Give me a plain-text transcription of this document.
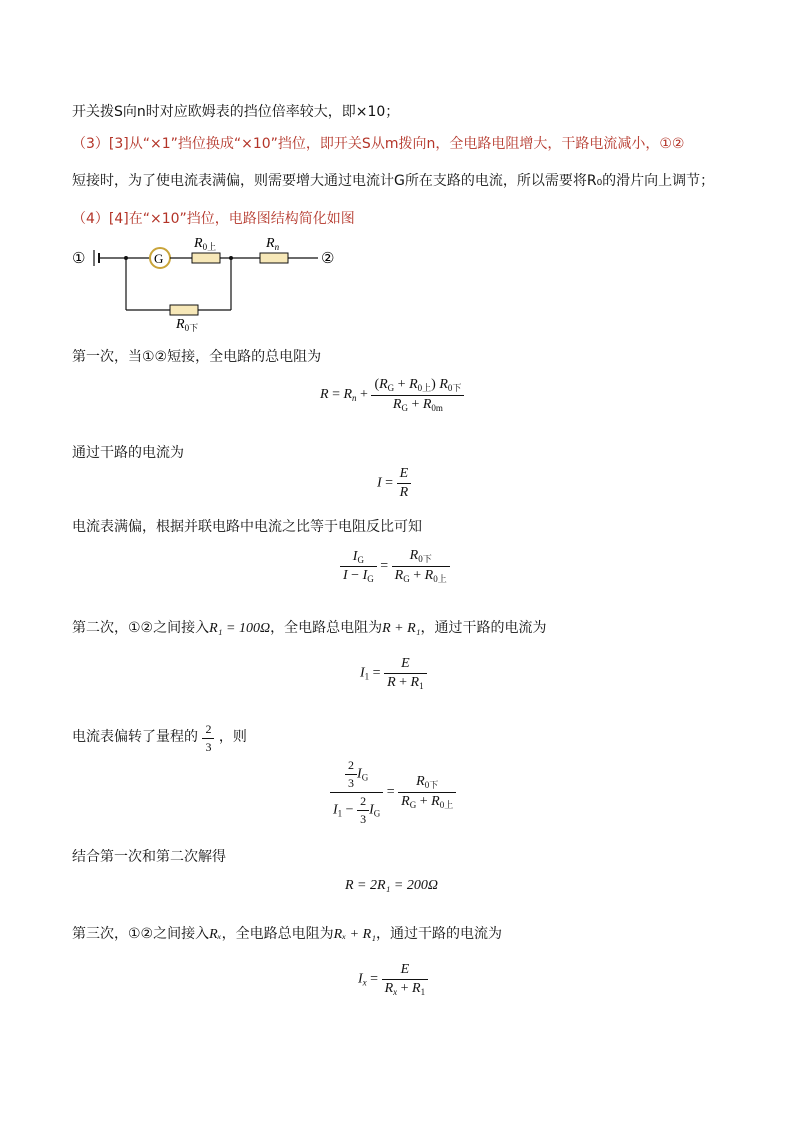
开关拨S向n时对应欧姆表的挡位倍率较大，即×10；
（3）[3]从“×1”挡位换成“×10”挡位，即开关S从m拨向n，全电路电阻增大，干路电流减小，①②
短接时，为了使电流表满偏，则需要增大通过电流计G所在支路的电流，所以需要将R₀的滑片向上调节；
（4）[4]在“×10”挡位，电路图结构简化如图
①	G
$R_{0上}$	$R_n$
②
$R_{0下}$
第一次，当①②短接，全电路的总电阻为
$R = R_n + \frac{(R_G + R_{0上}) R_{0下}}{R_G + R_{0m}}$
通过干路的电流为
$I = \frac{E}{R}$
电流表满偏，根据并联电路中电流之比等于电阻反比可知
$\frac{I_G}{I - I_G} = \frac{R_{0下}}{R_G + R_{0上}}$
第二次，①②之间接入R₁ = 100Ω，全电路总电阻为R + R₁，通过干路的电流为
$I_1 = \frac{E}{R + R_1}$
电流表偏转了量程的 $\frac{2}{3}$ ，则
$\frac{\frac{2}{3} I_G}{I_1 - \frac{2}{3} I_G} = \frac{R_{0下}}{R_G + R_{0上}}$
结合第一次和第二次解得
R = 2R₁ = 200Ω
第三次，①②之间接入Rₓ，全电路总电阻为Rₓ + R₁，通过干路的电流为
$I_x = \frac{E}{R_x + R_1}$
